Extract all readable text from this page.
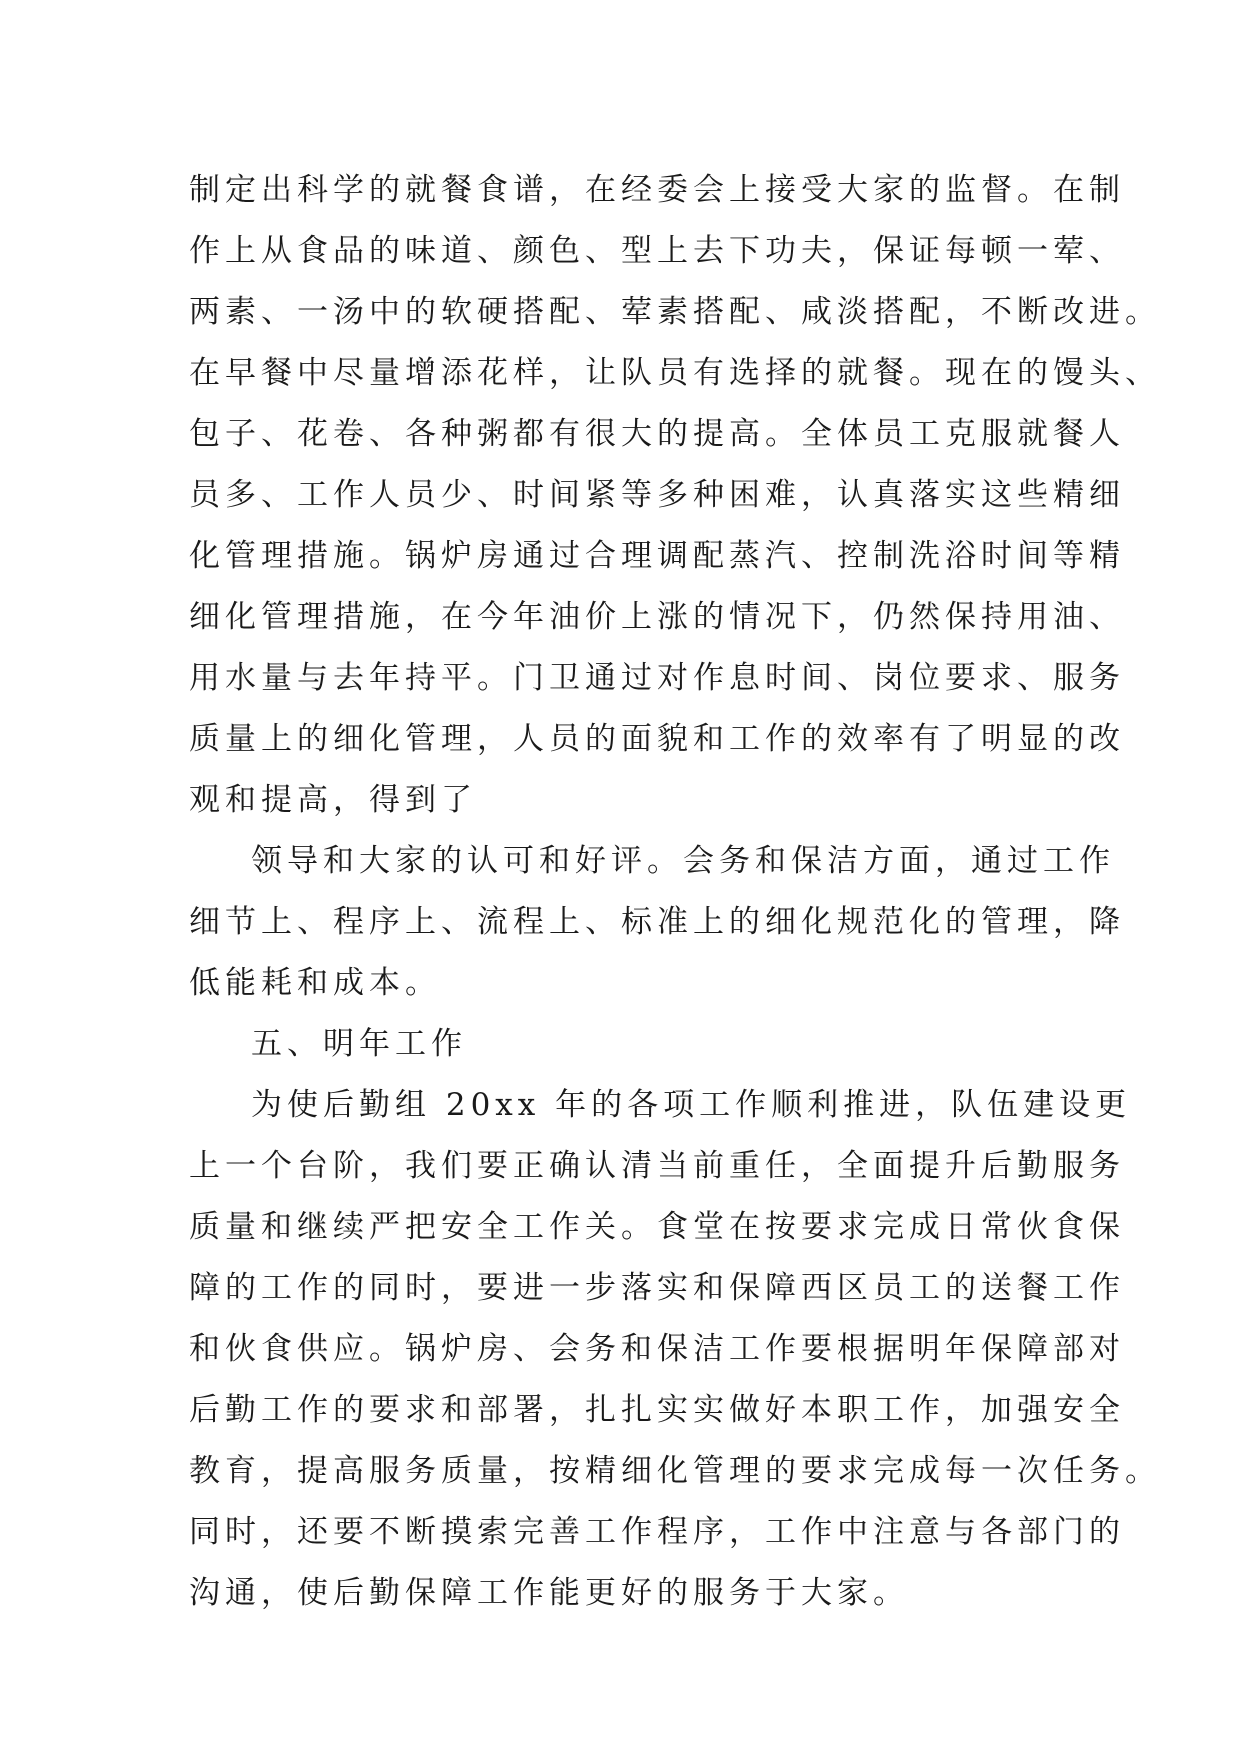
制定出科学的就餐食谱，在经委会上接受大家的监督。在制
作上从食品的味道、颜色、型上去下功夫，保证每顿一荤、
两素、一汤中的软硬搭配、荤素搭配、咸淡搭配，不断改进。
在早餐中尽量增添花样，让队员有选择的就餐。现在的馒头、
包子、花卷、各种粥都有很大的提高。全体员工克服就餐人
员多、工作人员少、时间紧等多种困难，认真落实这些精细
化管理措施。锅炉房通过合理调配蒸汽、控制洗浴时间等精
细化管理措施，在今年油价上涨的情况下，仍然保持用油、
用水量与去年持平。门卫通过对作息时间、岗位要求、服务
质量上的细化管理，人员的面貌和工作的效率有了明显的改
观和提高，得到了
领导和大家的认可和好评。会务和保洁方面，通过工作
细节上、程序上、流程上、标准上的细化规范化的管理，降
低能耗和成本。
五、明年工作
为使后勤组 20xx 年的各项工作顺利推进，队伍建设更
上一个台阶，我们要正确认清当前重任，全面提升后勤服务
质量和继续严把安全工作关。食堂在按要求完成日常伙食保
障的工作的同时，要进一步落实和保障西区员工的送餐工作
和伙食供应。锅炉房、会务和保洁工作要根据明年保障部对
后勤工作的要求和部署，扎扎实实做好本职工作，加强安全
教育，提高服务质量，按精细化管理的要求完成每一次任务。
同时，还要不断摸索完善工作程序，工作中注意与各部门的
沟通，使后勤保障工作能更好的服务于大家。
